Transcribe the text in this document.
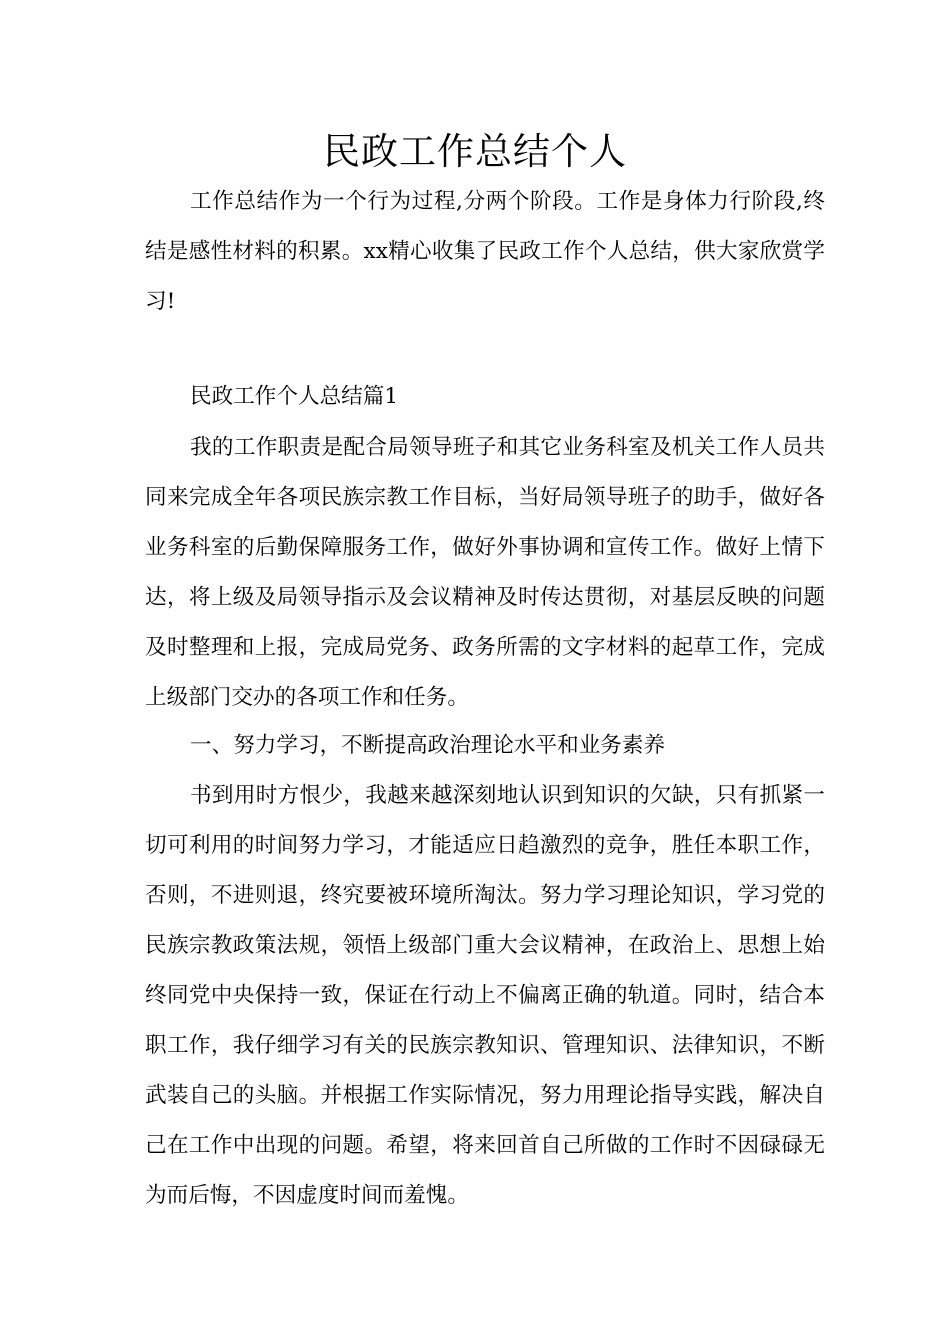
民政工作总结个人

工作总结作为一个行为过程,分两个阶段。工作是身体力行阶段,终结是感性材料的积累。xx精心收集了民政工作个人总结，供大家欣赏学习!

民政工作个人总结篇1

我的工作职责是配合局领导班子和其它业务科室及机关工作人员共同来完成全年各项民族宗教工作目标，当好局领导班子的助手，做好各业务科室的后勤保障服务工作，做好外事协调和宣传工作。做好上情下达，将上级及局领导指示及会议精神及时传达贯彻，对基层反映的问题及时整理和上报，完成局党务、政务所需的文字材料的起草工作，完成上级部门交办的各项工作和任务。

一、努力学习，不断提高政治理论水平和业务素养

书到用时方恨少，我越来越深刻地认识到知识的欠缺，只有抓紧一切可利用的时间努力学习，才能适应日趋激烈的竞争，胜任本职工作，否则，不进则退，终究要被环境所淘汰。努力学习理论知识，学习党的民族宗教政策法规，领悟上级部门重大会议精神，在政治上、思想上始终同党中央保持一致，保证在行动上不偏离正确的轨道。同时，结合本职工作，我仔细学习有关的民族宗教知识、管理知识、法律知识，不断武装自己的头脑。并根据工作实际情况，努力用理论指导实践，解决自己在工作中出现的问题。希望，将来回首自己所做的工作时不因碌碌无为而后悔，不因虚度时间而羞愧。
